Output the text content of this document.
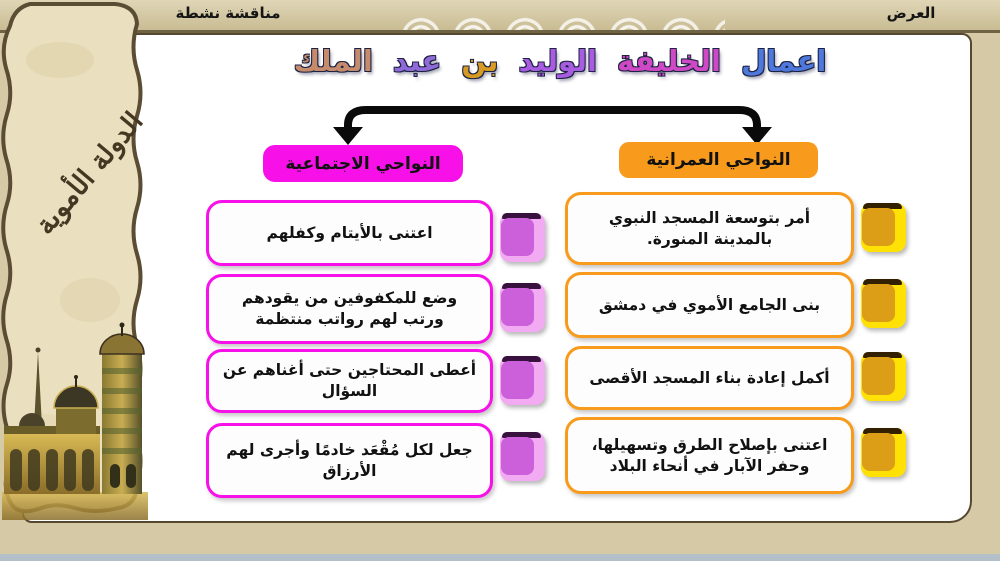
مناقشة نشطة	العرض
الدولة الأموية
اعمال الخليفة الوليد بن عبد الملك
النواحي العمرانية
النواحي الاجتماعية
أمر بتوسعة المسجد النبوي بالمدينة المنورة.
بنى الجامع الأموي في دمشق
أكمل إعادة بناء المسجد الأقصى
اعتنى بإصلاح الطرق وتسهيلها، وحفر الآبار في أنحاء البلاد
اعتنى بالأيتام وكفلهم
وضع للمكفوفين من يقودهم ورتب لهم رواتب منتظمة
أعطى المحتاجين حتى أغناهم عن السؤال
جعل لكل مُقْعَد خادمًا وأجرى لهم الأرزاق
